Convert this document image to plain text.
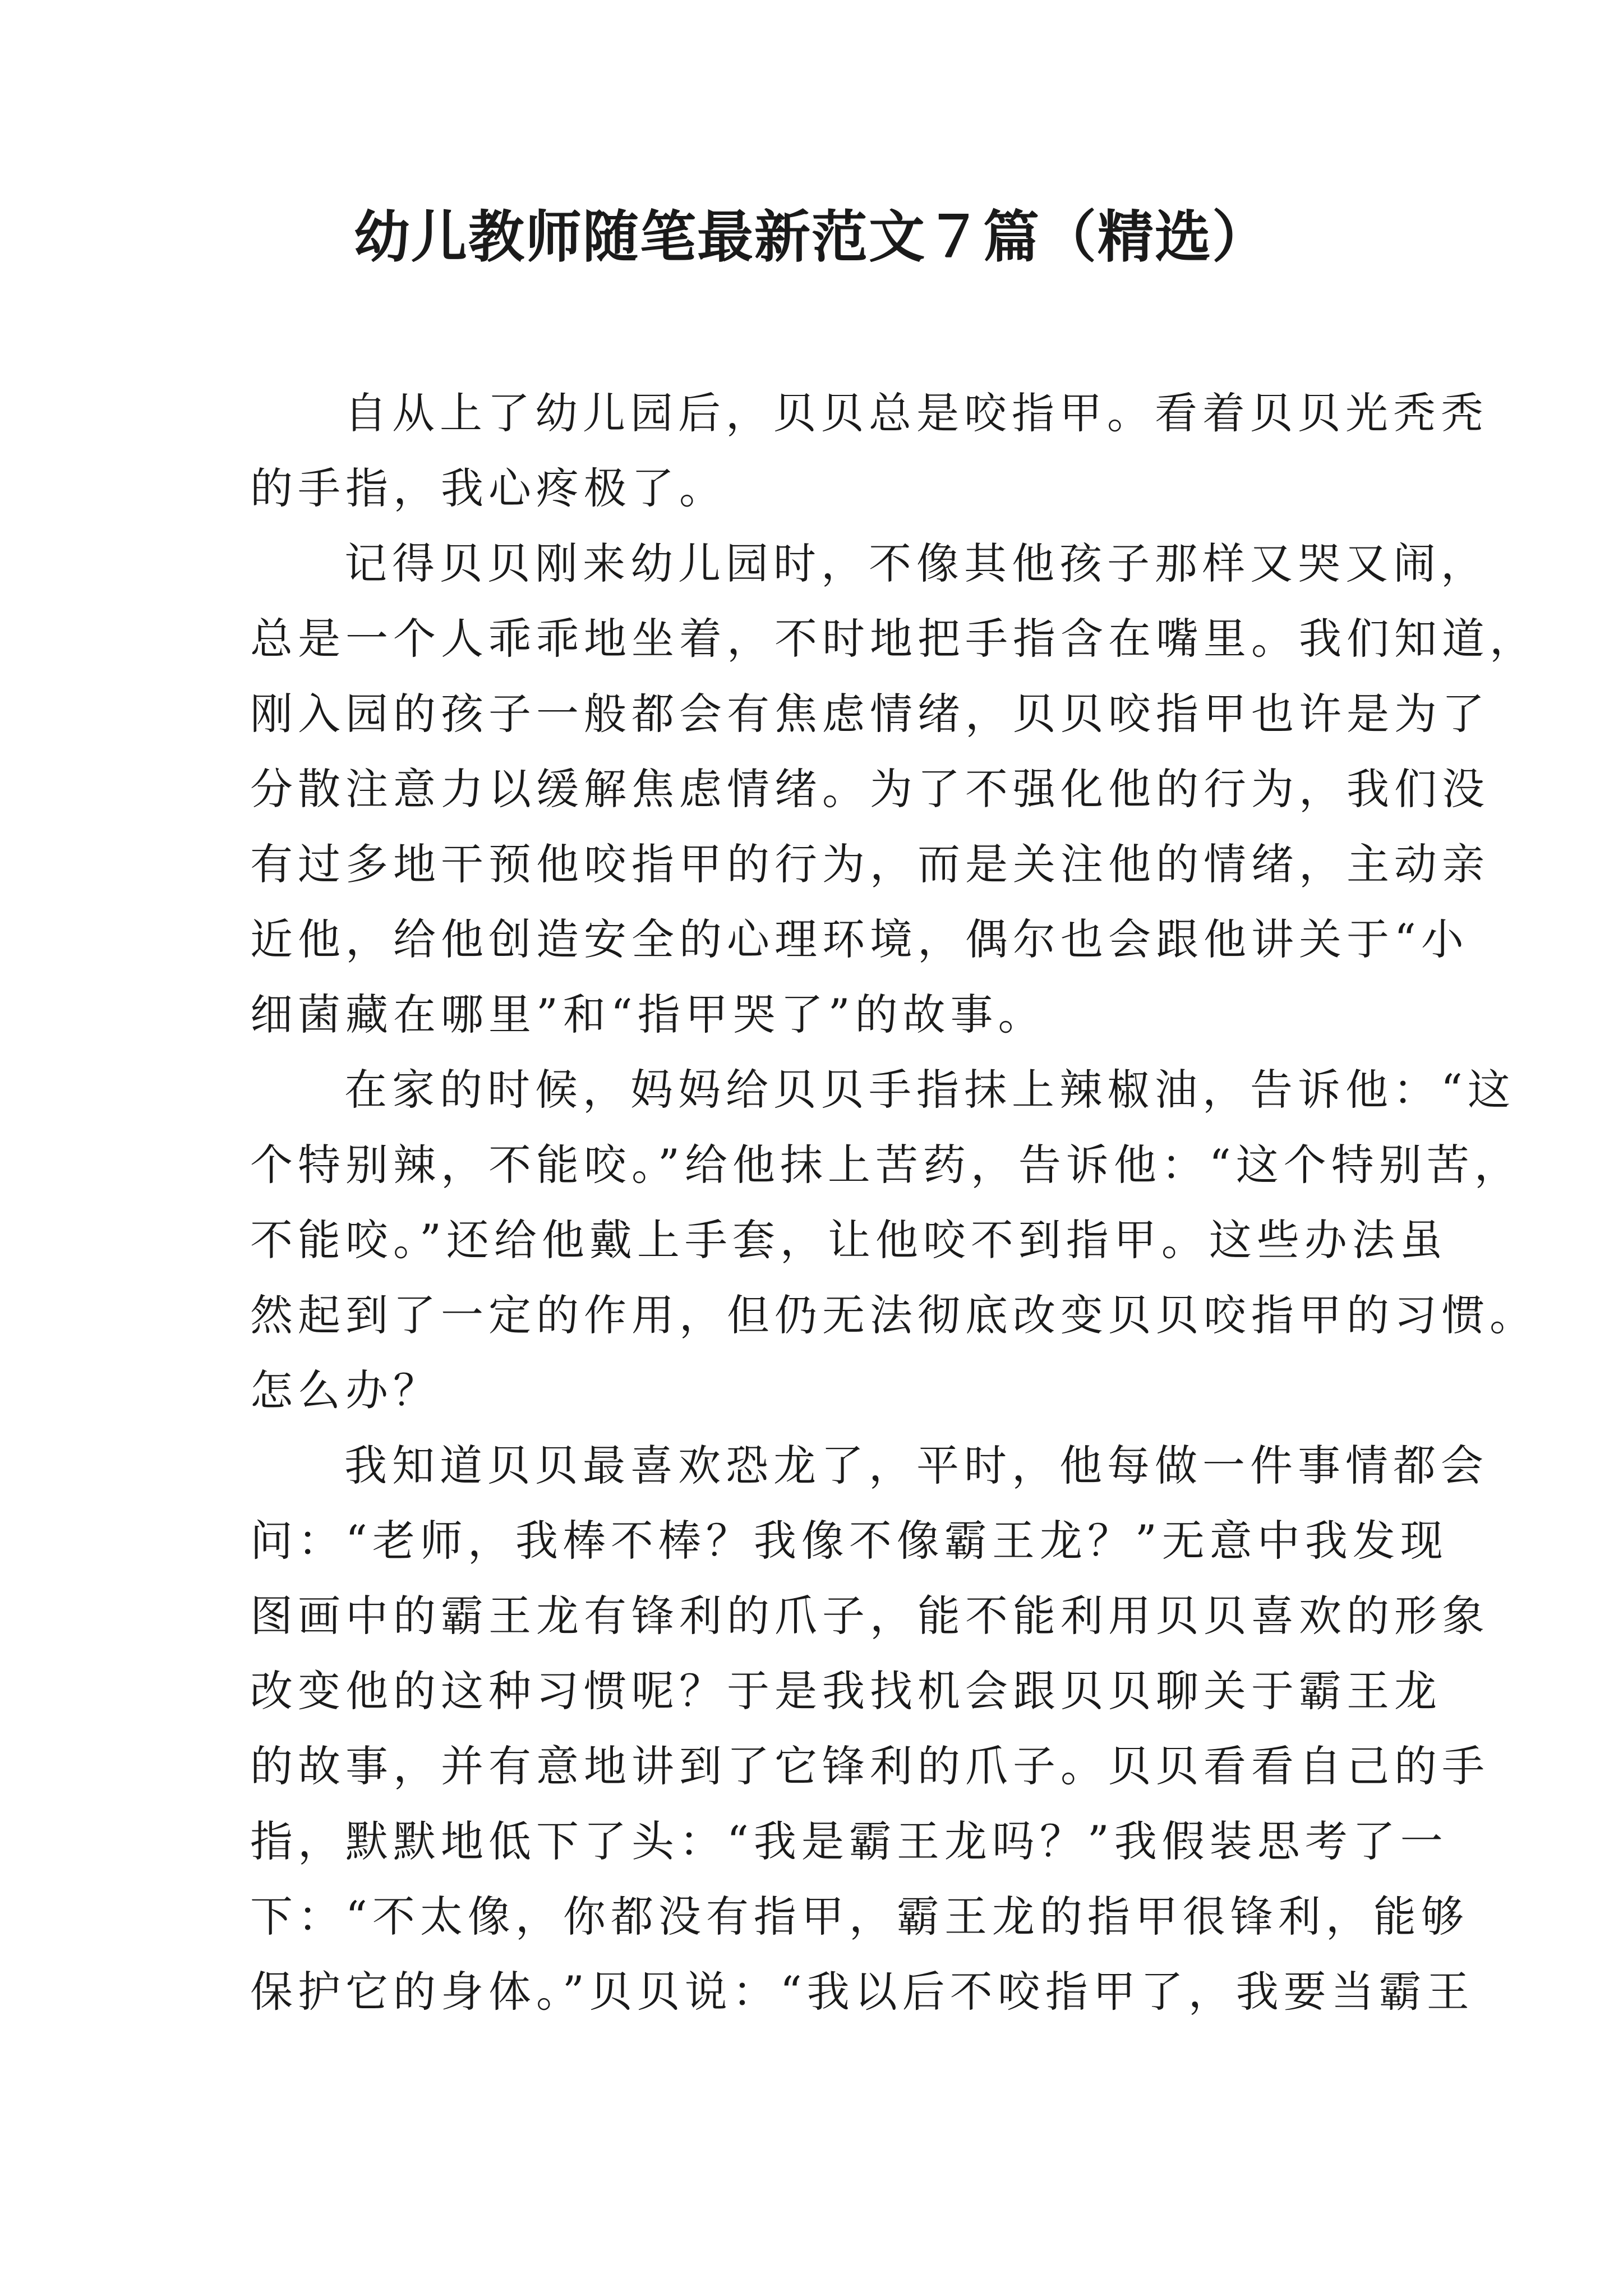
幼儿教师随笔最新范文７篇（精选）
自从上了幼儿园后，贝贝总是咬指甲。看着贝贝光秃秃
的手指，我心疼极了。
记得贝贝刚来幼儿园时，不像其他孩子那样又哭又闹，
总是一个人乖乖地坐着，不时地把手指含在嘴里。我们知道，
刚入园的孩子一般都会有焦虑情绪，贝贝咬指甲也许是为了
分散注意力以缓解焦虑情绪。为了不强化他的行为，我们没
有过多地干预他咬指甲的行为，而是关注他的情绪，主动亲
近他，给他创造安全的心理环境，偶尔也会跟他讲关于“小
细菌藏在哪里”和“指甲哭了”的故事。
在家的时候，妈妈给贝贝手指抹上辣椒油，告诉他：“这
个特别辣，不能咬。”给他抹上苦药，告诉他：“这个特别苦，
不能咬。”还给他戴上手套，让他咬不到指甲。这些办法虽
然起到了一定的作用，但仍无法彻底改变贝贝咬指甲的习惯。
怎么办？
我知道贝贝最喜欢恐龙了，平时，他每做一件事情都会
问：“老师，我棒不棒？我像不像霸王龙？”无意中我发现
图画中的霸王龙有锋利的爪子，能不能利用贝贝喜欢的形象
改变他的这种习惯呢？于是我找机会跟贝贝聊关于霸王龙
的故事，并有意地讲到了它锋利的爪子。贝贝看看自己的手
指，默默地低下了头：“我是霸王龙吗？”我假装思考了一
下：“不太像，你都没有指甲，霸王龙的指甲很锋利，能够
保护它的身体。”贝贝说：“我以后不咬指甲了，我要当霸王
